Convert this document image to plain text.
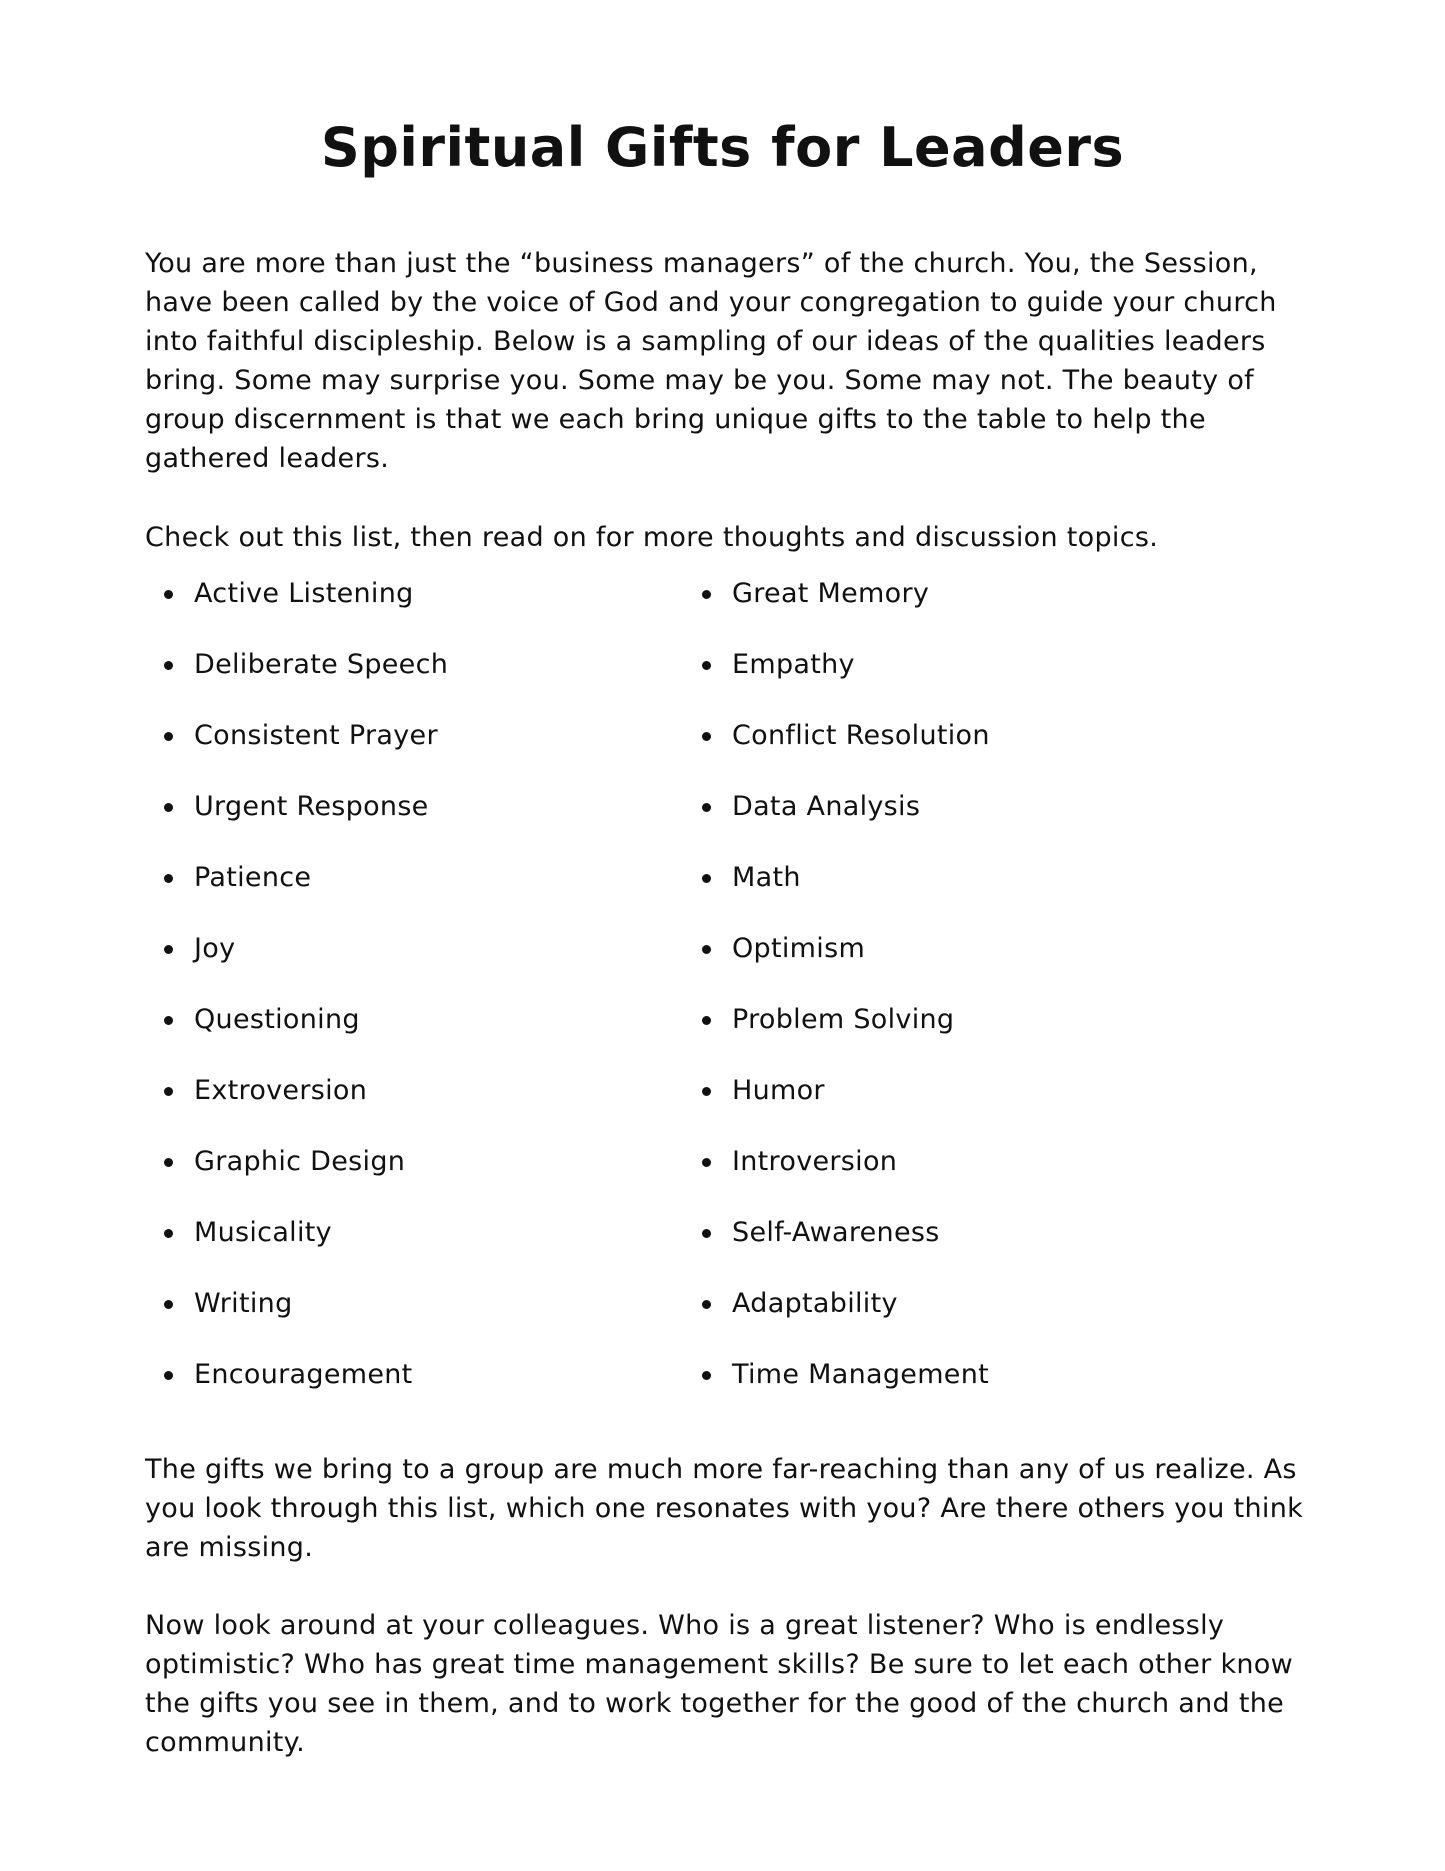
Spiritual Gifts for Leaders

You are more than just the “business managers” of the church. You, the Session, have been called by the voice of God and your congregation to guide your church into faithful discipleship. Below is a sampling of our ideas of the qualities leaders bring. Some may surprise you. Some may be you. Some may not. The beauty of group discernment is that we each bring unique gifts to the table to help the gathered leaders.

Check out this list, then read on for more thoughts and discussion topics.

Active Listening
Deliberate Speech
Consistent Prayer
Urgent Response
Patience
Joy
Questioning
Extroversion
Graphic Design
Musicality
Writing
Encouragement
Great Memory
Empathy
Conflict Resolution
Data Analysis
Math
Optimism
Problem Solving
Humor
Introversion
Self-Awareness
Adaptability
Time Management

The gifts we bring to a group are much more far-reaching than any of us realize. As you look through this list, which one resonates with you? Are there others you think are missing.

Now look around at your colleagues. Who is a great listener? Who is endlessly optimistic? Who has great time management skills? Be sure to let each other know the gifts you see in them, and to work together for the good of the church and the community.
